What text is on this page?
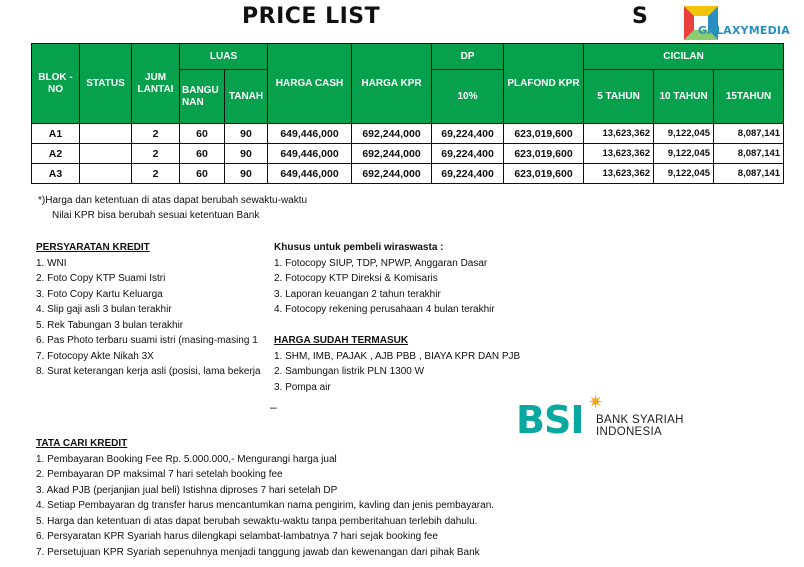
PRICE LIST	S
GALAXYMEDIA
BLOK - NO	STATUS	JUM LANTAI	LUAS		HARGA CASH	HARGA KPR	DP	PLAFOND KPR	CICILAN		
			BANGU NAN	TANAH			10%		5 TAHUN	10 TAHUN	15TAHUN
A1		2	60	90	649,446,000	692,244,000	69,224,400	623,019,600	13,623,362	9,122,045	8,087,141
A2		2	60	90	649,446,000	692,244,000	69,224,400	623,019,600	13,623,362	9,122,045	8,087,141
A3		2	60	90	649,446,000	692,244,000	69,224,400	623,019,600	13,623,362	9,122,045	8,087,141
*)Harga dan ketentuan di atas dapat berubah sewaktu-waktu
Nilai KPR bisa berubah sesuai ketentuan Bank
PERSYARATAN KREDIT
1. WNI
2. Foto Copy KTP Suami Istri
3. Foto Copy Kartu Keluarga
4. Slip gaji asli 3 bulan terakhir
5. Rek Tabungan 3 bulan terakhir
6. Pas Photo terbaru suami istri (masing-masing 1
7. Fotocopy Akte Nikah 3X
8. Surat keterangan kerja asli (posisi, lama bekerja
Khusus untuk pembeli wiraswasta :
1. Fotocopy SIUP, TDP, NPWP, Anggaran Dasar
2. Fotocopy KTP Direksi & Komisaris
3. Laporan keuangan 2 tahun terakhir
4. Fotocopy rekening perusahaan 4 bulan terakhir
HARGA SUDAH TERMASUK
1. SHM, IMB, PAJAK , AJB PBB , BIAYA KPR DAN PJB
2. Sambungan listrik PLN 1300 W
3. Pompa air
–	BSI ✷
BANK SYARIAH
INDONESIA
TATA CARI KREDIT
1. Pembayaran Booking Fee Rp. 5.000.000,- Mengurangi harga jual
2. Pembayaran DP maksimal 7 hari setelah booking fee
3. Akad PJB (perjanjian jual beli) Istishna diproses 7 hari setelah DP
4. Setiap Pembayaran dg transfer harus mencantumkan nama pengirim, kavling dan jenis pembayaran.
5. Harga dan ketentuan di atas dapat berubah sewaktu-waktu tanpa pemberitahuan terlebih dahulu.
6. Persyaratan KPR Syariah harus dilengkapi selambat-lambatnya 7 hari sejak booking fee
7. Persetujuan KPR Syariah sepenuhnya menjadi tanggung jawab dan kewenangan dari pihak Bank
